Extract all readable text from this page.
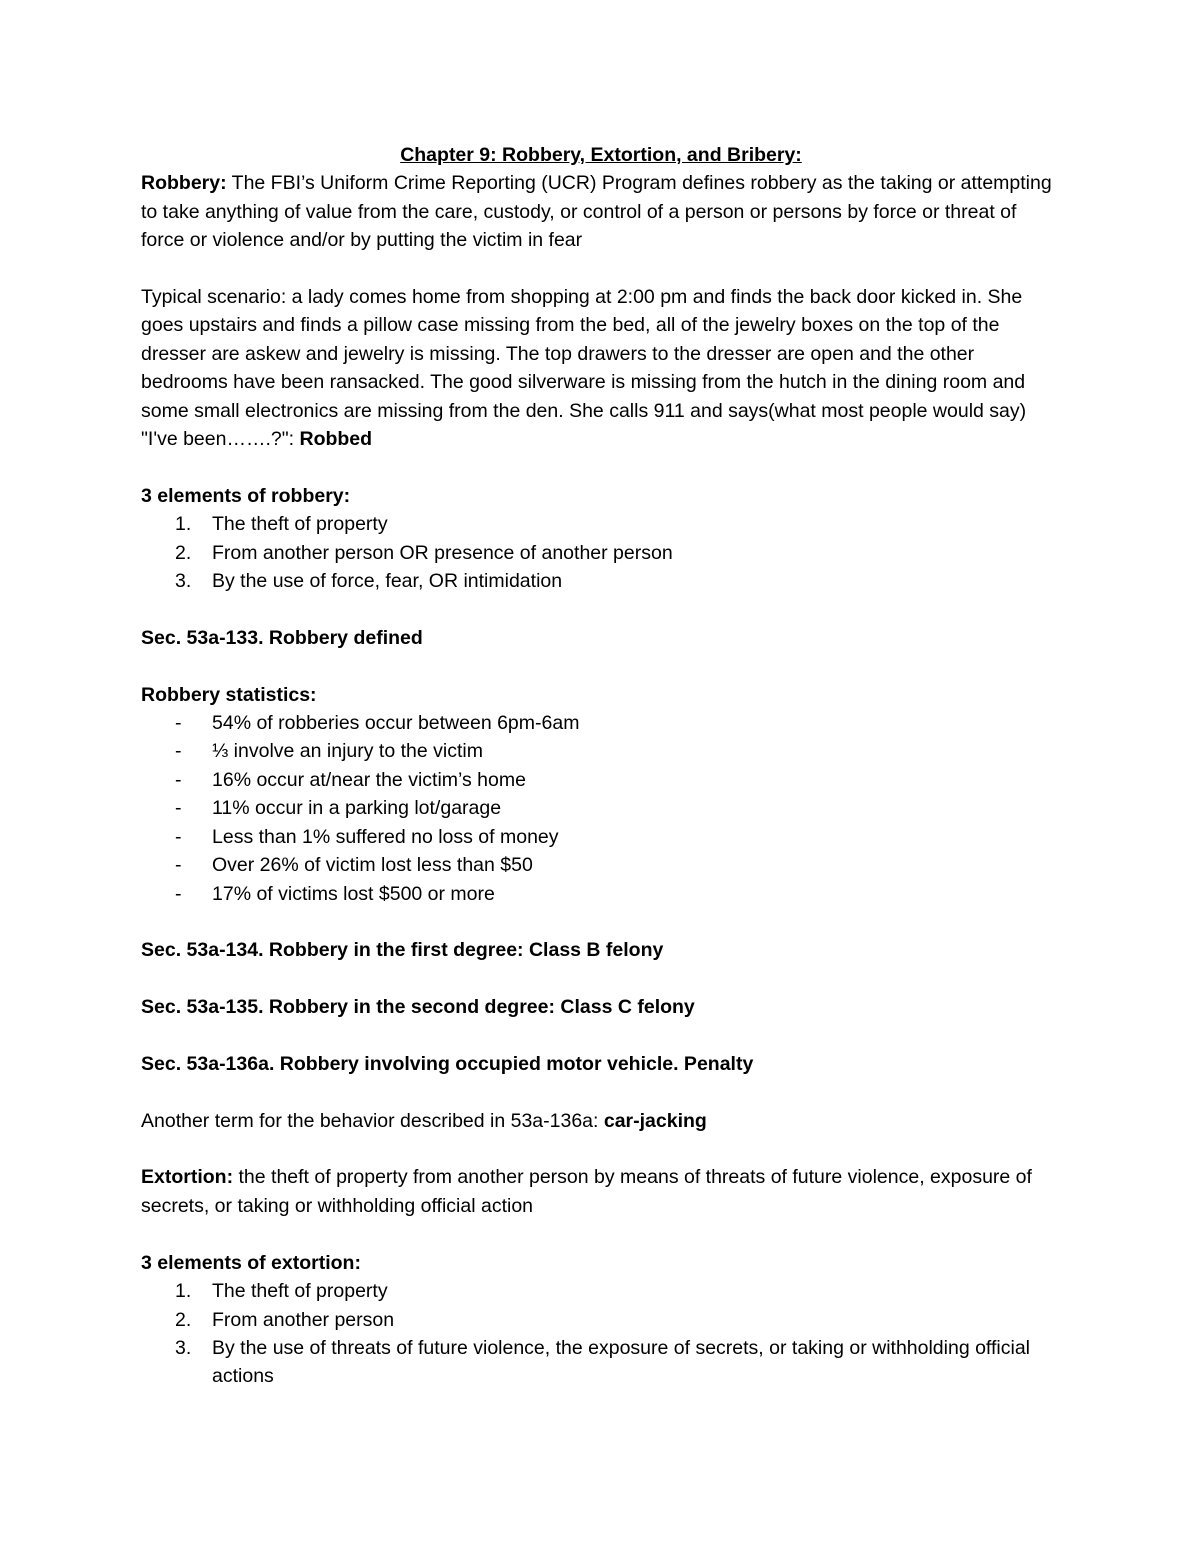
Chapter 9: Robbery, Extortion, and Bribery:

Robbery: The FBI’s Uniform Crime Reporting (UCR) Program defines robbery as the taking or attempting to take anything of value from the care, custody, or control of a person or persons by force or threat of force or violence and/or by putting the victim in fear

Typical scenario: a lady comes home from shopping at 2:00 pm and finds the back door kicked in. She goes upstairs and finds a pillow case missing from the bed, all of the jewelry boxes on the top of the dresser are askew and jewelry is missing. The top drawers to the dresser are open and the other bedrooms have been ransacked. The good silverware is missing from the hutch in the dining room and some small electronics are missing from the den. She calls 911 and says(what most people would say) "I've been…….?": Robbed

3 elements of robbery:

1.	The theft of property
2.	From another person OR presence of another person
3.	By the use of force, fear, OR intimidation

Sec. 53a-133. Robbery defined

Robbery statistics:

- 54% of robberies occur between 6pm-6am
- ⅓ involve an injury to the victim
- 16% occur at/near the victim’s home
- 11% occur in a parking lot/garage
- Less than 1% suffered no loss of money
- Over 26% of victim lost less than $50
- 17% of victims lost $500 or more

Sec. 53a-134. Robbery in the first degree: Class B felony

Sec. 53a-135. Robbery in the second degree: Class C felony

Sec. 53a-136a. Robbery involving occupied motor vehicle. Penalty

Another term for the behavior described in 53a-136a: car-jacking

Extortion: the theft of property from another person by means of threats of future violence, exposure of secrets, or taking or withholding official action

3 elements of extortion:

1.	The theft of property
2.	From another person
3.	By the use of threats of future violence, the exposure of secrets, or taking or withholding official actions
